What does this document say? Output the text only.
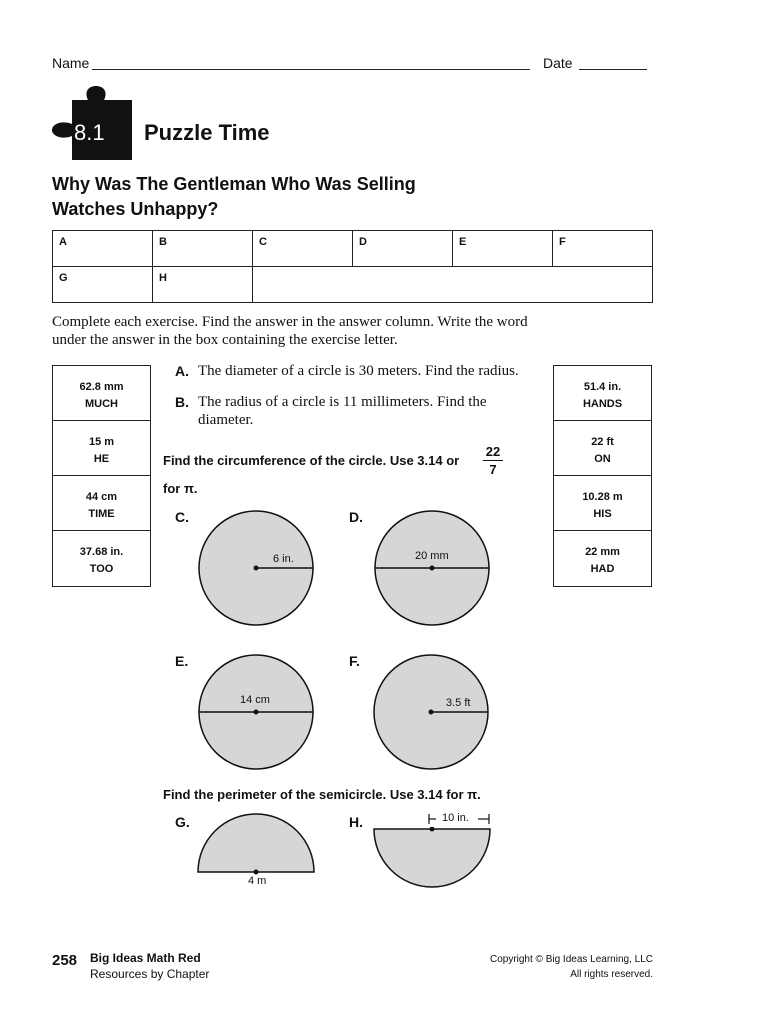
Name	Date
8.1 Puzzle Time
Why Was The Gentleman Who Was Selling
Watches Unhappy?
A	B	C	D	E	F
G	H				
Complete each exercise. Find the answer in the answer column. Write the word
under the answer in the box containing the exercise letter.
62.8 mm
MUCH
15 m
HE
44 cm
TIME
37.68 in.
TOO
51.4 in.
HANDS
22 ft
ON
10.28 m
HIS
22 mm
HAD
A. The diameter of a circle is 30 meters. Find the radius.
B. The radius of a circle is 11 millimeters. Find the
diameter.
Find the circumference of the circle. Use 3.14 or
22
7
for π.
C.	D.
E.	F.
6 in.	20 mm
14 cm	3.5 ft
Find the perimeter of the semicircle. Use 3.14 for π.
G.	H.
4 m
10 in.
258 Big Ideas Math Red
Resources by Chapter
Copyright © Big Ideas Learning, LLC
All rights reserved.
